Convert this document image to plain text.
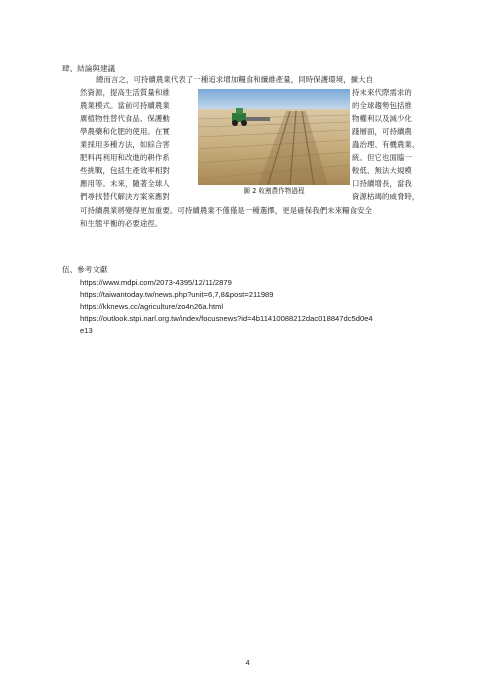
肆、結論與建議
總而言之，可持續農業代表了一種追求增加糧食和纖維產量，同時保護環境，擴大自
然資源，提高生活質量和維	持未來代際需求的
農業模式。當前可持續農業	的全球趨勢包括推
廣植物性替代食品、保護動	物權利以及減少化
學農藥和化肥的使用。在實	踐層面，可持續農
業採用多種方法，如綜合害	蟲治理、有機農業、
肥料再利用和改進的耕作系	統。但它也面臨一
些挑戰，包括生產效率相對	較低、無法大規模
應用等。未來，隨著全球人	口持續增長，當我
們尋找替代解決方案來應對	資源枯竭的威脅時，
可持續農業將變得更加重要。可持續農業不僅僅是一種選擇，更是確保我們未來糧食安全
和生態平衡的必要途徑。
圖 2 收割農作物過程
伍、參考文獻
https://www.mdpi.com/2073-4395/12/11/2879
https://taiwantoday.tw/news.php?unit=6,7,8&post=211989
https://kknews.cc/agriculture/zo4n26a.html
https://outlook.stpi.narl.org.tw/index/focusnews?id=4b11410088212dac018847dc5d0e4
e13
4
